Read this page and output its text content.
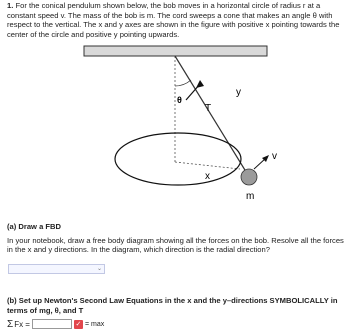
1. For the conical pendulum shown below, the bob moves in a horizontal circle of radius r at a constant speed v. The mass of the bob is m. The cord sweeps a cone that makes an angle θ with respect to the vertical. The x and y axes are shown in the figure with positive x pointing towards the center of the circle and positive y pointing upwards.
θ
T
y
x
v
m
(a) Draw a FBD
In your notebook, draw a free body diagram showing all the forces on the bob. Resolve all the forces in the x and y directions. In the diagram, which direction is the radial direction?
⌄
(b) Set up Newton's Second Law Equations in the x and the y–directions SYMBOLICALLY in terms of mg, θ, and T
Σ Fx =	✓ = max
